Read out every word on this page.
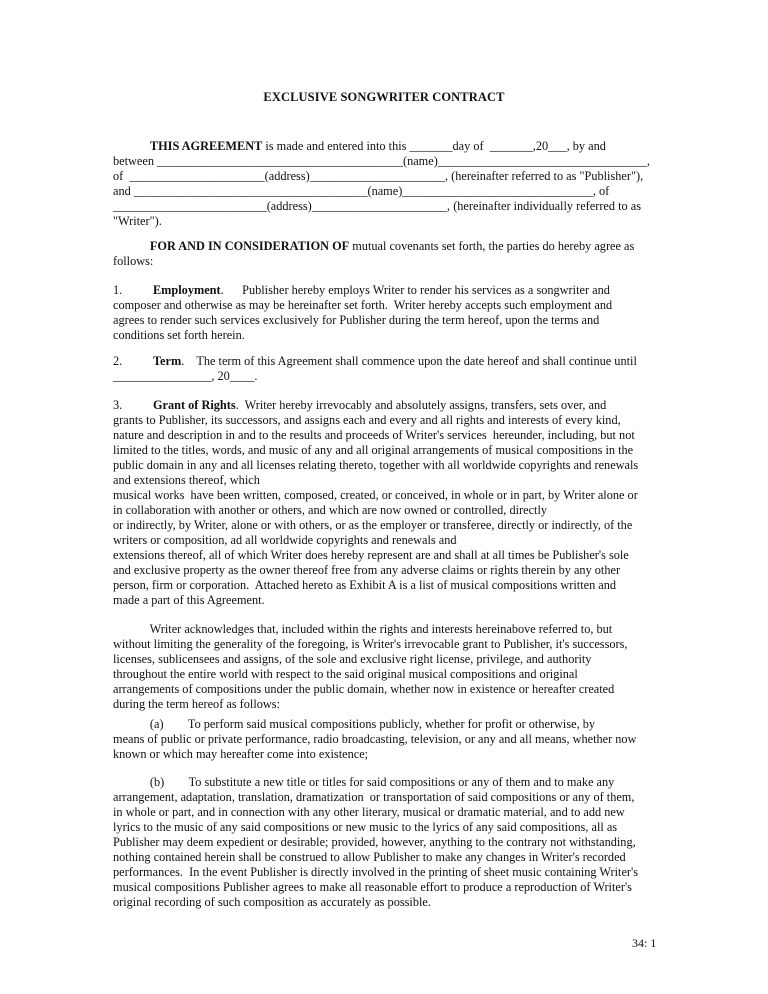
EXCLUSIVE SONGWRITER CONTRACT
THIS AGREEMENT is made and entered into this _______day of  _______,20___, by and
between ________________________________________(name)__________________________________,
of  ______________________(address)______________________, (hereinafter referred to as "Publisher"),
and ______________________________________(name)_______________________________, of
_________________________(address)______________________, (hereinafter individually referred to as
"Writer").
FOR AND IN CONSIDERATION OF mutual covenants set forth, the parties do hereby agree as
follows:
1.          Employment.      Publisher hereby employs Writer to render his services as a songwriter and
composer and otherwise as may be hereinafter set forth.  Writer hereby accepts such employment and
agrees to render such services exclusively for Publisher during the term hereof, upon the terms and
conditions set forth herein.
2.          Term.    The term of this Agreement shall commence upon the date hereof and shall continue until
________________, 20____.
3.          Grant of Rights.  Writer hereby irrevocably and absolutely assigns, transfers, sets over, and
grants to Publisher, its successors, and assigns each and every and all rights and interests of every kind,
nature and description in and to the results and proceeds of Writer's services  hereunder, including, but not
limited to the titles, words, and music of any and all original arrangements of musical compositions in the
public domain in any and all licenses relating thereto, together with all worldwide copyrights and renewals
and extensions thereof, which
musical works  have been written, composed, created, or conceived, in whole or in part, by Writer alone or
in collaboration with another or others, and which are now owned or controlled, directly
or indirectly, by Writer, alone or with others, or as the employer or transferee, directly or indirectly, of the
writers or composition, ad all worldwide copyrights and renewals and
extensions thereof, all of which Writer does hereby represent are and shall at all times be Publisher's sole
and exclusive property as the owner thereof free from any adverse claims or rights therein by any other
person, firm or corporation.  Attached hereto as Exhibit A is a list of musical compositions written and
made a part of this Agreement.
Writer acknowledges that, included within the rights and interests hereinabove referred to, but
without limiting the generality of the foregoing, is Writer's irrevocable grant to Publisher, it's successors,
licenses, sublicensees and assigns, of the sole and exclusive right license, privilege, and authority
throughout the entire world with respect to the said original musical compositions and original
arrangements of compositions under the public domain, whether now in existence or hereafter created
during the term hereof as follows:
(a)        To perform said musical compositions publicly, whether for profit or otherwise, by
means of public or private performance, radio broadcasting, television, or any and all means, whether now
known or which may hereafter come into existence;
(b)        To substitute a new title or titles for said compositions or any of them and to make any
arrangement, adaptation, translation, dramatization  or transportation of said compositions or any of them,
in whole or part, and in connection with any other literary, musical or dramatic material, and to add new
lyrics to the music of any said compositions or new music to the lyrics of any said compositions, all as
Publisher may deem expedient or desirable; provided, however, anything to the contrary not withstanding,
nothing contained herein shall be construed to allow Publisher to make any changes in Writer's recorded
performances.  In the event Publisher is directly involved in the printing of sheet music containing Writer's
musical compositions Publisher agrees to make all reasonable effort to produce a reproduction of Writer's
original recording of such composition as accurately as possible.
34: 1
